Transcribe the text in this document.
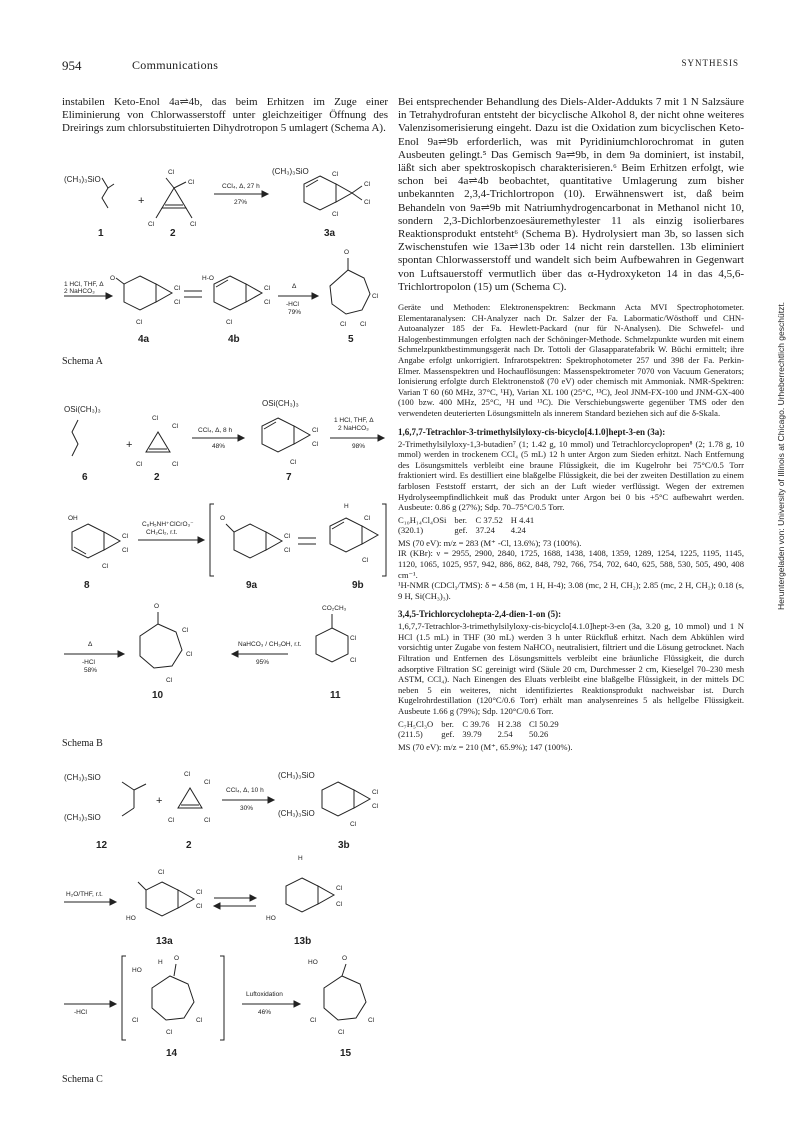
954	Communications	SYNTHESIS

instabilen Keto-Enol 4a⇌4b, das beim Erhitzen im Zuge einer Eliminierung von Chlorwasserstoff unter gleichzeitiger Öffnung des Dreirings zum chlorsubstituierten Dihydrotropon 5 umlagert (Schema A).

(CH₃)₃SiO
1
+
Cl
Cl
Cl	Cl
2
CCl₄, Δ, 27 h
27%
(CH₃)₃SiO
Cl
Cl
Cl
Cl
3a
1 HCl, THF, Δ
2 NaHCO₃
O
Cl
Cl
Cl
4a
H-O
Cl
Cl
Cl
4b
Δ
-HCl
79%
O
Cl
Cl Cl
5
Schema A
OSi(CH₃)₃
6
+
Cl
Cl
Cl	Cl
2
CCl₄, Δ, 8 h
48%
OSi(CH₃)₃
Cl
Cl
Cl
7
1 HCl, THF, Δ
2 NaHCO₃
98%
OH
Cl
Cl
Cl
8
C₆H₅NH⁺ClCrO₃⁻
CH₂Cl₂, r.t.
O
Cl
Cl
9a
H
Cl
Cl
9b
Δ
-HCl
58%
O
Cl
Cl
Cl
10
NaHCO₃ / CH₃OH, r.t.
95%
CO₂CH₃
Cl
Cl
11
Schema B
(CH₃)₃SiO
(CH₃)₃SiO
12
+
Cl
Cl
Cl	Cl
2
CCl₄, Δ, 10 h
30%
(CH₃)₃SiO
(CH₃)₃SiO
Cl
Cl
Cl
3b
H₂O/THF, r.t.
HO
Cl
Cl
Cl
13a
H
HO
Cl
Cl
13b
-HCl
HO
H
O
Cl	Cl
Cl
14
Luftoxidation
46%
HO
O
Cl	Cl
Cl
15
Schema C

Bei entsprechender Behandlung des Diels-Alder-Addukts 7 mit 1 N Salzsäure in Tetrahydrofuran entsteht der bicyclische Alkohol 8, der nicht ohne weiteres Valenzisomerisierung eingeht. Dazu ist die Oxidation zum bicyclischen Keto-Enol 9a⇌9b erforderlich, was mit Pyridiniumchlorochromat in guten Ausbeuten gelingt.⁵ Das Gemisch 9a⇌9b, in dem 9a dominiert, ist instabil, läßt sich aber spektroskopisch charakterisieren.⁶ Beim Erhitzen erfolgt, wie schon bei 4a⇌4b beobachtet, quantitative Umlagerung zum bisher unbekannten 2,3,4-Trichlortropon (10). Erwähnenswert ist, daß beim Behandeln von 9a⇌9b mit Natriumhydrogencarbonat in Methanol nicht 10, sondern 2,3-Dichlorbenzoesäuremethylester 11 als einzig isolierbares Reaktionsprodukt entsteht⁶ (Schema B). Hydrolysiert man 3b, so lassen sich Zwischenstufen wie 13a⇌13b oder 14 nicht rein darstellen. 13b eliminiert spontan Chlorwasserstoff und wandelt sich beim Aufbewahren in Gegenwart von Luftsauerstoff vermutlich über das α-Hydroxyketon 14 in das 4,5,6-Trichlortropolon (15) um (Schema C).

Geräte und Methoden: Elektronenspektren: Beckmann Acta MVI Spectrophotometer. Elementaranalysen: CH-Analyzer nach Dr. Salzer der Fa. Labormatic/Wösthoff und CHN-Autoanalyzer 185 der Fa. Hewlett-Packard (nur für N-Analysen). Die Schwefel- und Halogenbestimmungen erfolgten nach der Schöninger-Methode. Schmelzpunkte wurden mit einem Schmelzpunktbestimmungsgerät nach Dr. Tottoli der Glasapparatefabrik W. Büchi ermittelt; ihre Angabe erfolgt unkorrigiert. Infrarotspektren: Spektrophotometer 257 und 398 der Fa. Perkin-Elmer. Massenspektren und Hochauflösungen: Massenspektrometer 7070 von Vacuum Generators; Ionisierung erfolgte durch Elektronenstoß (70 eV) oder chemisch mit Ammoniak. NMR-Spektren: Varian T 60 (60 MHz, 37°C, ¹H), Varian XL 100 (25°C, ¹³C), Jeol JNM-FX-100 und JNM-GX-400 (100 bzw. 400 MHz, 25°C, ¹H und ¹³C). Die Verschiebungswerte gegenüber TMS oder den verwendeten deuterierten Lösungsmitteln als innerem Standard beziehen sich auf die δ-Skala.

1,6,7,7-Tetrachlor-3-trimethylsilyloxy-cis-bicyclo[4.1.0]hept-3-en (3a):

2-Trimethylsilyloxy-1,3-butadien⁷ (1; 1.42 g, 10 mmol) und Tetrachlorcyclopropen⁸ (2; 1.78 g, 10 mmol) werden in trockenem CCl₄ (5 mL) 12 h unter Argon zum Sieden erhitzt. Nach Entfernung des Lösungsmittels verbleibt eine braune Flüssigkeit, die im Kugelrohr bei 75°C/0.5 Torr fraktioniert wird. Es destilliert eine blaßgelbe Flüssigkeit, die bei der zweiten Destillation zu einem farblosen Feststoff erstarrt, der sich an der Luft wieder verflüssigt. Wegen der extremen Hydrolyseempfindlichkeit muß das Produkt unter Argon bei 0 bis +5°C aufbewahrt werden. Ausbeute: 0.86 g (27%); Sdp. 70–75°C/0.5 Torr.

C₁₀H₁₄Cl₄OSi	ber.	C 37.52	H 4.41
(320.1)	gef.	37.24	4.24

MS (70 eV): m/z = 283 (M⁺ -Cl, 13.6%); 73 (100%).

IR (KBr): ν = 2955, 2900, 2840, 1725, 1688, 1438, 1408, 1359, 1289, 1254, 1225, 1195, 1145, 1120, 1065, 1025, 957, 942, 886, 862, 848, 792, 766, 754, 702, 640, 625, 588, 530, 505, 490, 408 cm⁻¹.

¹H-NMR (CDCl₃/TMS): δ = 4.58 (m, 1 H, H-4); 3.08 (mc, 2 H, CH₂); 2.85 (mc, 2 H, CH₂); 0.18 (s, 9 H, Si(CH₃)₃).

3,4,5-Trichlorcyclohepta-2,4-dien-1-on (5):

1,6,7,7-Tetrachlor-3-trimethylsilyloxy-cis-bicyclo[4.1.0]hept-3-en (3a, 3.20 g, 10 mmol) und 1 N HCl (1.5 mL) in THF (30 mL) werden 3 h unter Rückfluß erhitzt. Nach dem Abkühlen wird vorsichtig unter Zugabe von festem NaHCO₃ neutralisiert, filtriert und die Lösung getrocknet. Nach Filtration und Entfernen des Lösungsmittels verbleibt eine bräunliche Flüssigkeit, die durch adsorptive Filtration SC gereinigt wird (Säule 20 cm, Durchmesser 2 cm, Kieselgel 70–230 mesh ASTM, CCl₄). Nach Einengen des Eluats verbleibt eine blaßgelbe Flüssigkeit, in der mittels DC neben 5 ein weiteres, nicht identifiziertes Reaktionsprodukt nachweisbar ist. Durch Kugelrohrdestillation (120°C/0.6 Torr) erhält man analysenreines 5 als hellgelbe Flüssigkeit. Ausbeute 1.66 g (79%); Sdp. 120°C/0.6 Torr.

C₇H₅Cl₃O	ber.	C 39.76	H 2.38	Cl 50.29
(211.5)	gef.	39.79	2.54	50.26

MS (70 eV): m/z = 210 (M⁺, 65.9%); 147 (100%).

Heruntergeladen von: University of Illinois at Chicago. Urheberrechtlich geschützt.
